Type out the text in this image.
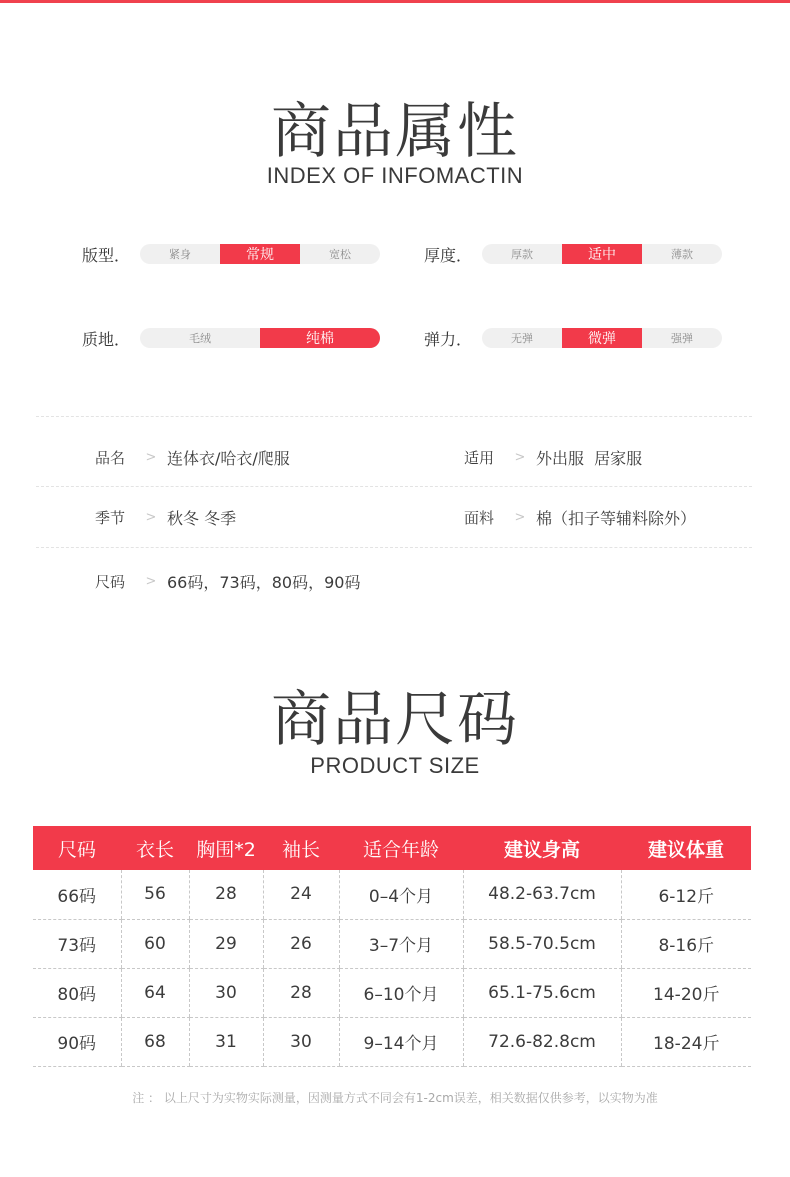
商品属性
INDEX OF INFOMACTIN
版型．	紧身	常规	宽松	厚度．	厚款	适中	薄款
质地．	毛绒	纯棉	弹力．	无弹	微弹	强弹
品名	> 连体衣/哈衣/爬服	适用	> 外出服  居家服
季节	> 秋冬 冬季	面料	> 棉（扣子等辅料除外）
尺码	> 66码，73码，80码，90码
商品尺码
PRODUCT SIZE
尺码	衣长	胸围*2	袖长	适合年龄	建议身高	建议体重
66码	56	28	24	0–4个月	48.2-63.7cm	6-12斤
73码	60	29	26	3–7个月	58.5-70.5cm	8-16斤
80码	64	30	28	6–10个月	65.1-75.6cm	14-20斤
90码	68	31	30	9–14个月	72.6-82.8cm	18-24斤
注 ： 以上尺寸为实物实际测量，因测量方式不同会有1-2cm误差，相关数据仅供参考，以实物为准
